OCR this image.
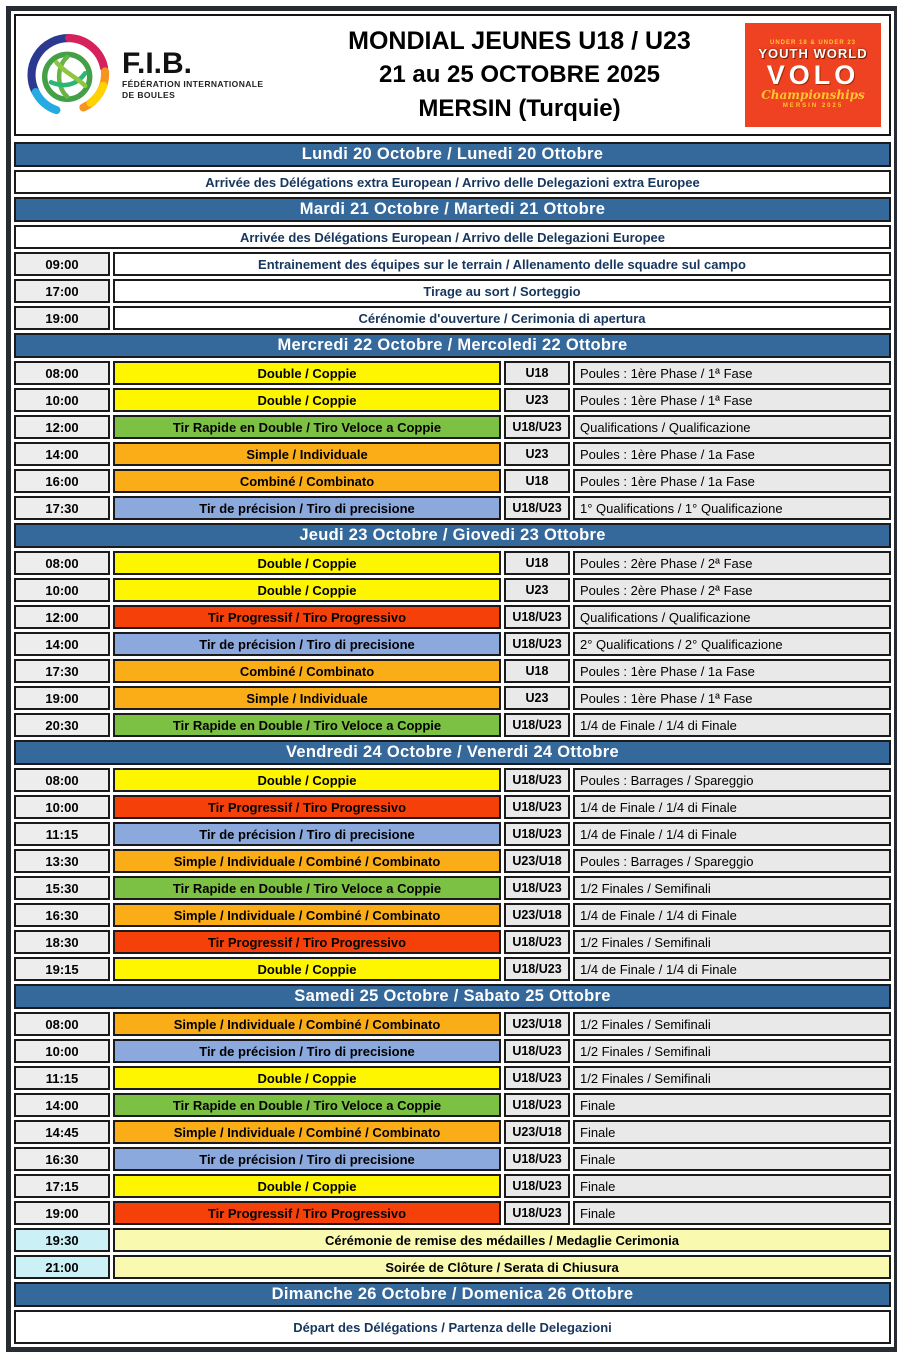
F.I.B.
FÉDÉRATION INTERNATIONALE
DE BOULES
MONDIAL JEUNES U18 / U23
21 au 25 OCTOBRE 2025
MERSIN (Turquie)
UNDER 18 & UNDER 23
YOUTH WORLD
VOLO
Championships
MERSIN 2025
Lundi 20 Octobre / Lunedi 20 Ottobre
Arrivée des Délégations extra European / Arrivo delle Delegazioni extra Europee
Mardi 21 Octobre / Martedi 21 Ottobre
Arrivée des Délégations European / Arrivo delle Delegazioni Europee
09:00	Entrainement des équipes sur le terrain / Allenamento delle squadre sul campo
17:00	Tirage au sort / Sorteggio
19:00	Cérénomie d'ouverture / Cerimonia di apertura
Mercredi 22 Octobre / Mercoledi 22 Ottobre
08:00	Double / Coppie	U18	Poules : 1ère Phase / 1ª Fase
10:00	Double / Coppie	U23	Poules : 1ère Phase / 1ª Fase
12:00	Tir Rapide en Double / Tiro Veloce a Coppie	U18/U23	Qualifications / Qualificazione
14:00	Simple / Individuale	U23	Poules : 1ère Phase / 1a Fase
16:00	Combiné / Combinato	U18	Poules : 1ère Phase / 1a Fase
17:30	Tir de précision / Tiro di precisione	U18/U23	1° Qualifications / 1° Qualificazione
Jeudi 23 Octobre / Giovedi 23 Ottobre
08:00	Double / Coppie	U18	Poules : 2ère Phase / 2ª Fase
10:00	Double / Coppie	U23	Poules : 2ère Phase / 2ª Fase
12:00	Tir Progressif / Tiro Progressivo	U18/U23	Qualifications / Qualificazione
14:00	Tir de précision / Tiro di precisione	U18/U23	2° Qualifications / 2° Qualificazione
17:30	Combiné / Combinato	U18	Poules : 1ère Phase / 1a Fase
19:00	Simple / Individuale	U23	Poules : 1ère Phase / 1ª Fase
20:30	Tir Rapide en Double / Tiro Veloce a Coppie	U18/U23	1/4 de Finale / 1/4 di Finale
Vendredi 24 Octobre / Venerdi 24 Ottobre
08:00	Double / Coppie	U18/U23	Poules : Barrages / Spareggio
10:00	Tir Progressif / Tiro Progressivo	U18/U23	1/4 de Finale / 1/4 di Finale
11:15	Tir de précision / Tiro di precisione	U18/U23	1/4 de Finale / 1/4 di Finale
13:30	Simple / Individuale / Combiné / Combinato	U23/U18	Poules : Barrages / Spareggio
15:30	Tir Rapide en Double / Tiro Veloce a Coppie	U18/U23	1/2 Finales / Semifinali
16:30	Simple / Individuale / Combiné / Combinato	U23/U18	1/4 de Finale / 1/4 di Finale
18:30	Tir Progressif / Tiro Progressivo	U18/U23	1/2 Finales / Semifinali
19:15	Double / Coppie	U18/U23	1/4 de Finale / 1/4 di Finale
Samedi 25 Octobre / Sabato 25 Ottobre
08:00	Simple / Individuale / Combiné / Combinato	U23/U18	1/2 Finales / Semifinali
10:00	Tir de précision / Tiro di precisione	U18/U23	1/2 Finales / Semifinali
11:15	Double / Coppie	U18/U23	1/2 Finales / Semifinali
14:00	Tir Rapide en Double / Tiro Veloce a Coppie	U18/U23	Finale
14:45	Simple / Individuale / Combiné / Combinato	U23/U18	Finale
16:30	Tir de précision / Tiro di precisione	U18/U23	Finale
17:15	Double / Coppie	U18/U23	Finale
19:00	Tir Progressif / Tiro Progressivo	U18/U23	Finale
19:30	Cérémonie de remise des médailles / Medaglie Cerimonia
21:00	Soirée de Clôture / Serata di Chiusura
Dimanche 26 Octobre / Domenica 26 Ottobre
Départ des Délégations / Partenza delle Delegazioni
